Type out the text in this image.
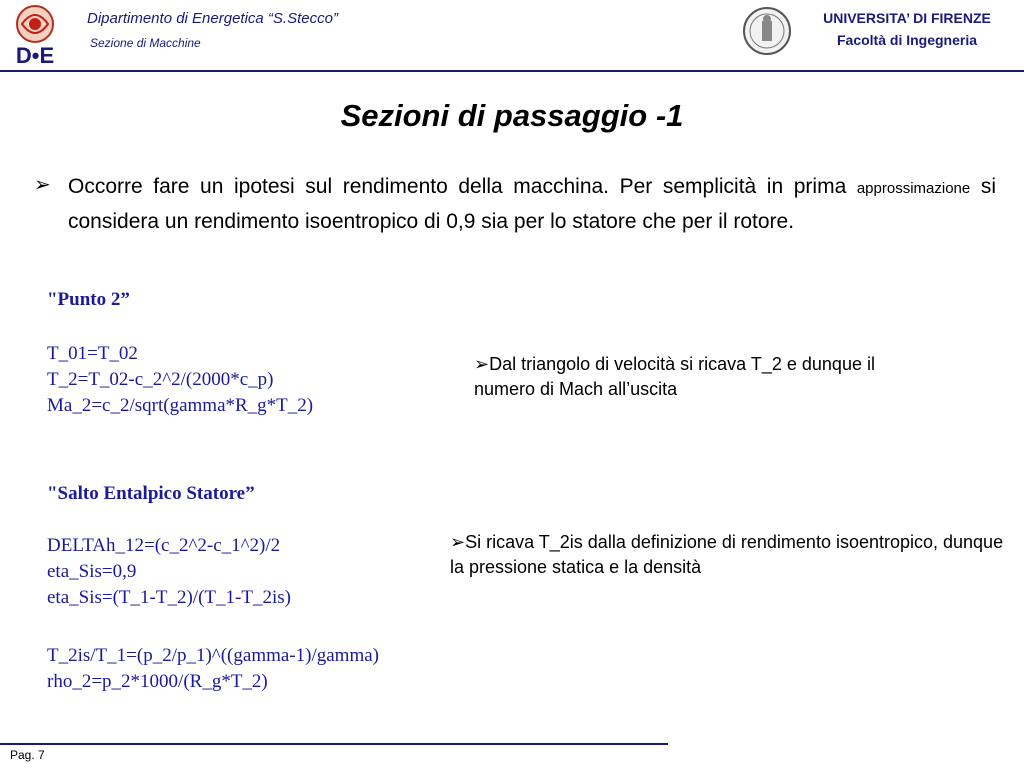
D•E
Dipartimento di Energetica “S.Stecco”
Sezione di Macchine
UNIVERSITA’ DI FIRENZE
Facoltà di Ingegneria
Sezioni di passaggio -1
➢ Occorre fare un ipotesi sul rendimento della macchina. Per semplicità in prima approssimazione si considera un rendimento isoentropico di 0,9 sia per lo statore che per il rotore.
"Punto 2”
T_01=T_02
T_2=T_02-c_2^2/(2000*c_p)
Ma_2=c_2/sqrt(gamma*R_g*T_2)
"Salto Entalpico Statore”
DELTAh_12=(c_2^2-c_1^2)/2
eta_Sis=0,9
eta_Sis=(T_1-T_2)/(T_1-T_2is)
T_2is/T_1=(p_2/p_1)^((gamma-1)/gamma)
rho_2=p_2*1000/(R_g*T_2)
➢Dal triangolo di velocità si ricava T_2 e dunque il numero di Mach all’uscita
➢Si ricava T_2is dalla definizione di rendimento isoentropico, dunque la pressione statica e la densità
Pag. 7
